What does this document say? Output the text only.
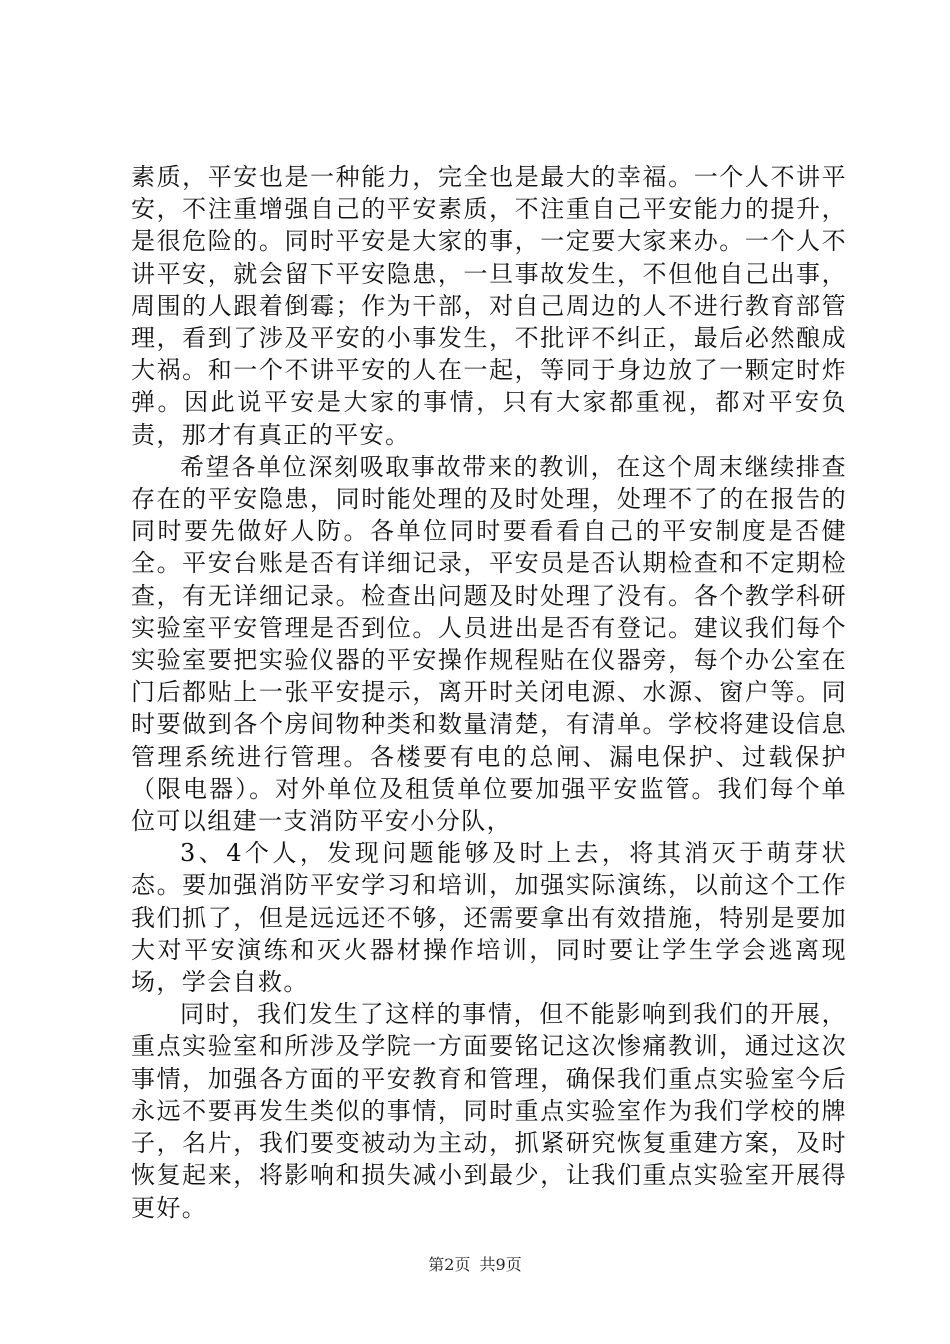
素质，平安也是一种能力，完全也是最大的幸福。一个人不讲平安，不注重增强自己的平安素质，不注重自己平安能力的提升，是很危险的。同时平安是大家的事，一定要大家来办。一个人不讲平安，就会留下平安隐患，一旦事故发生，不但他自己出事，周围的人跟着倒霉；作为干部，对自己周边的人不进行教育部管理，看到了涉及平安的小事发生，不批评不纠正，最后必然酿成大祸。和一个不讲平安的人在一起，等同于身边放了一颗定时炸弹。因此说平安是大家的事情，只有大家都重视，都对平安负责，那才有真正的平安。

希望各单位深刻吸取事故带来的教训，在这个周末继续排查存在的平安隐患，同时能处理的及时处理，处理不了的在报告的同时要先做好人防。各单位同时要看看自己的平安制度是否健全。平安台账是否有详细记录，平安员是否认期检查和不定期检查，有无详细记录。检查出问题及时处理了没有。各个教学科研实验室平安管理是否到位。人员进出是否有登记。建议我们每个实验室要把实验仪器的平安操作规程贴在仪器旁，每个办公室在门后都贴上一张平安提示，离开时关闭电源、水源、窗户等。同时要做到各个房间物种类和数量清楚，有清单。学校将建设信息管理系统进行管理。各楼要有电的总闸、漏电保护、过载保护（限电器）。对外单位及租赁单位要加强平安监管。我们每个单位可以组建一支消防平安小分队，

3、4个人，发现问题能够及时上去，将其消灭于萌芽状态。要加强消防平安学习和培训，加强实际演练，以前这个工作我们抓了，但是远远还不够，还需要拿出有效措施，特别是要加大对平安演练和灭火器材操作培训，同时要让学生学会逃离现场，学会自救。

同时，我们发生了这样的事情，但不能影响到我们的开展，重点实验室和所涉及学院一方面要铭记这次惨痛教训，通过这次事情，加强各方面的平安教育和管理，确保我们重点实验室今后永远不要再发生类似的事情，同时重点实验室作为我们学校的牌子，名片，我们要变被动为主动，抓紧研究恢复重建方案，及时恢复起来，将影响和损失减小到最少，让我们重点实验室开展得更好。

第2页 共9页
